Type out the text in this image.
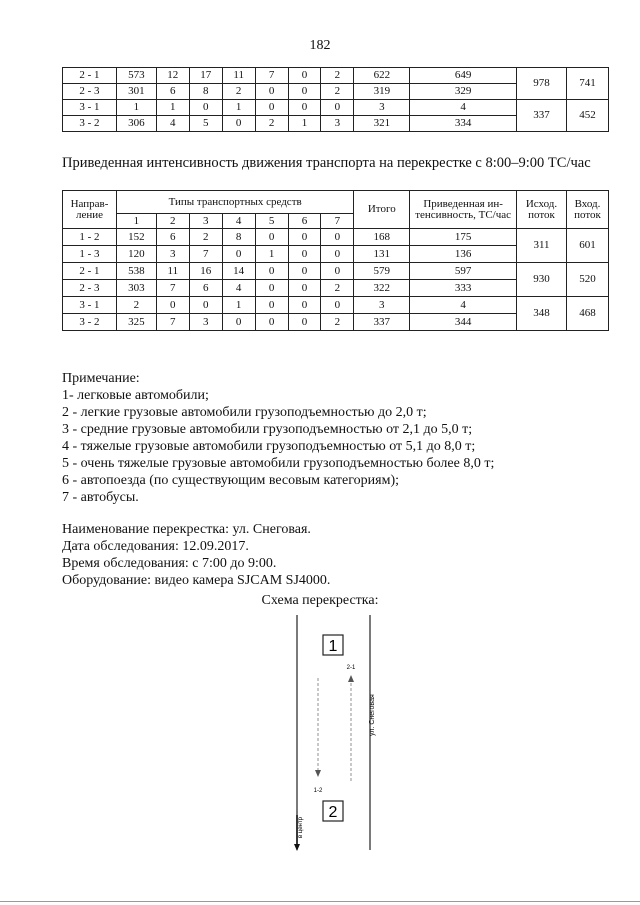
182
2 - 1	573	12	17	11	7	0	2	622	649	978	741
2 - 3	301	6	8	2	0	0	2	319	329		
3 - 1	1	1	0	1	0	0	0	3	4	337	452
3 - 2	306	4	5	0	2	1	3	321	334		
Приведенная интенсивность движения транспорта на перекрестке с 8:00–9:00 ТС/час
Направ-ление	Типы транспортных средств							Итого	Приведенная ин-тенсивность, ТС/час	Исход. поток	Вход. поток
	1	2	3	4	5	6	7				
1 - 2	152	6	2	8	0	0	0	168	175	311	601
1 - 3	120	3	7	0	1	0	0	131	136		
2 - 1	538	11	16	14	0	0	0	579	597	930	520
2 - 3	303	7	6	4	0	0	2	322	333		
3 - 1	2	0	0	1	0	0	0	3	4	348	468
3 - 2	325	7	3	0	0	0	2	337	344		
Примечание:
1- легковые автомобили;
2 - легкие грузовые автомобили грузоподъемностью до 2,0 т;
3 - средние грузовые автомобили грузоподъемностью от 2,1 до 5,0 т;
4 - тяжелые грузовые автомобили грузоподъемностью от 5,1 до 8,0 т;
5 - очень тяжелые грузовые автомобили грузоподъемностью более 8,0 т;
6 - автопоезда (по существующим весовым категориям);
7 - автобусы.
Наименование перекрестка: ул. Снеговая.
Дата обследования: 12.09.2017.
Время обследования: с 7:00 до 9:00.
Оборудование: видео камера SJCAM SJ4000.
Схема перекрестка:
1
2
2-1
1-2
ул. Снеговая
в центр
